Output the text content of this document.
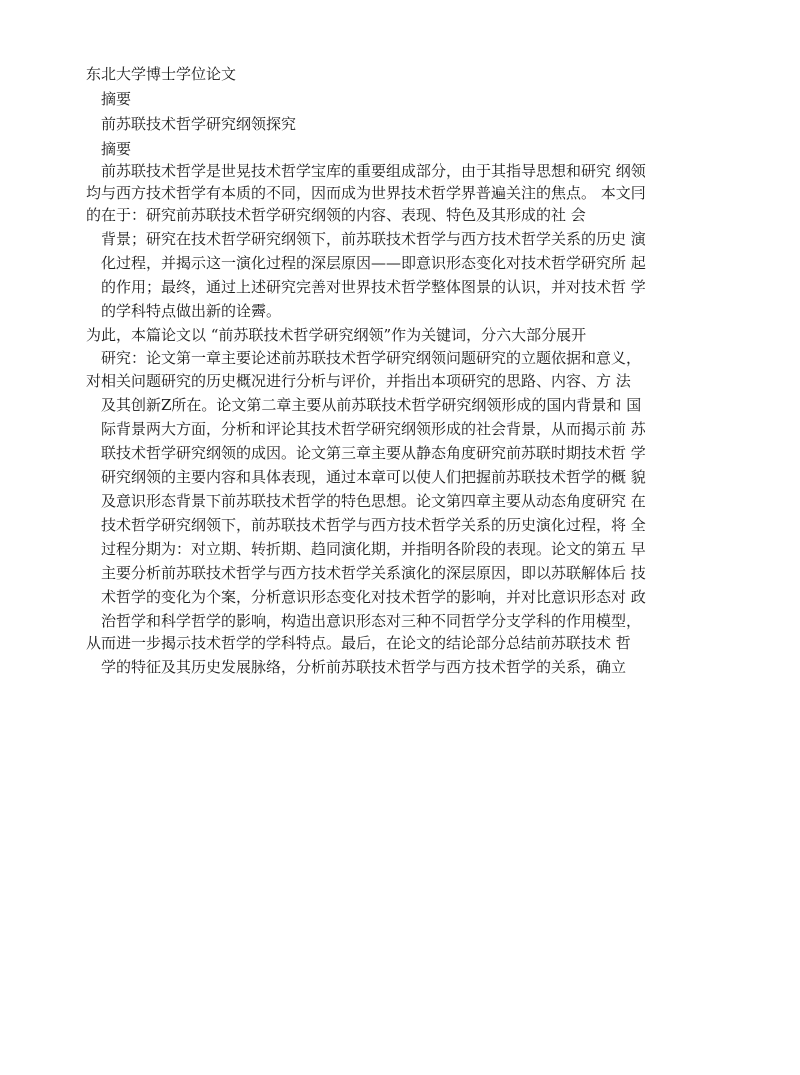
东北大学博士学位论文
摘要
前苏联技术哲学研究纲领探究
摘要
前苏联技术哲学是世晃技术哲学宝库的重要组成部分，由于其指导思想和研究 纲领
均与西方技术哲学有本质的不同，因而成为世界技术哲学界普遍关注的焦点。 本文冃
的在于：研究前苏联技术哲学研究纲领的内容、表现、特色及其形成的社 会
背景；研究在技术哲学研究纲领下，前苏联技术哲学与西方技术哲学关系的历史 演
化过程，并揭示这一演化过程的深层原因——即意识形态变化对技术哲学研究所 起
的作用；最终，通过上述研究完善对世界技术哲学整体图景的认识，并对技术哲 学
的学科特点做出新的诠霽。
为此，本篇论文以 “前苏联技术哲学研究纲领”作为关键词，分六大部分展开
研究：论文第一章主要论述前苏联技术哲学研究纲领问题研究的立题依据和意义，
对相关问题研究的历史概况进行分析与评价，并指出本项研究的思路、内容、方 法
及其创新Z所在。论文第二章主要从前苏联技术哲学研究纲领形成的国内背景和 国
际背景两大方面，分析和评论其技术哲学研究纲领形成的社会背景，从而揭示前 苏
联技术哲学研究纲领的成因。论文第三章主要从静态角度研究前苏联时期技术哲 学
研究纲领的主要内容和具体表现，通过本章可以使人们把握前苏联技术哲学的概 貌
及意识形态背景下前苏联技术哲学的特色思想。论文第四章主要从动态角度研究 在
技术哲学研究纲领下，前苏联技术哲学与西方技术哲学关系的历史演化过程，将 全
过程分期为：对立期、转折期、趋同演化期，并指明各阶段的表现。论文的第五 早
主要分析前苏联技术哲学与西方技术哲学关系演化的深层原因，即以苏联解体后 技
术哲学的变化为个案，分析意识形态变化对技术哲学的影响，并对比意识形态对 政
治哲学和科学哲学的影响，构造出意识形态对三种不同哲学分支学科的作用模型，
从而进一步揭示技术哲学的学科特点。最后，在论文的结论部分总结前苏联技术 哲
学的特征及其历史发展脉络，分析前苏联技术哲学与西方技术哲学的关系，确立
